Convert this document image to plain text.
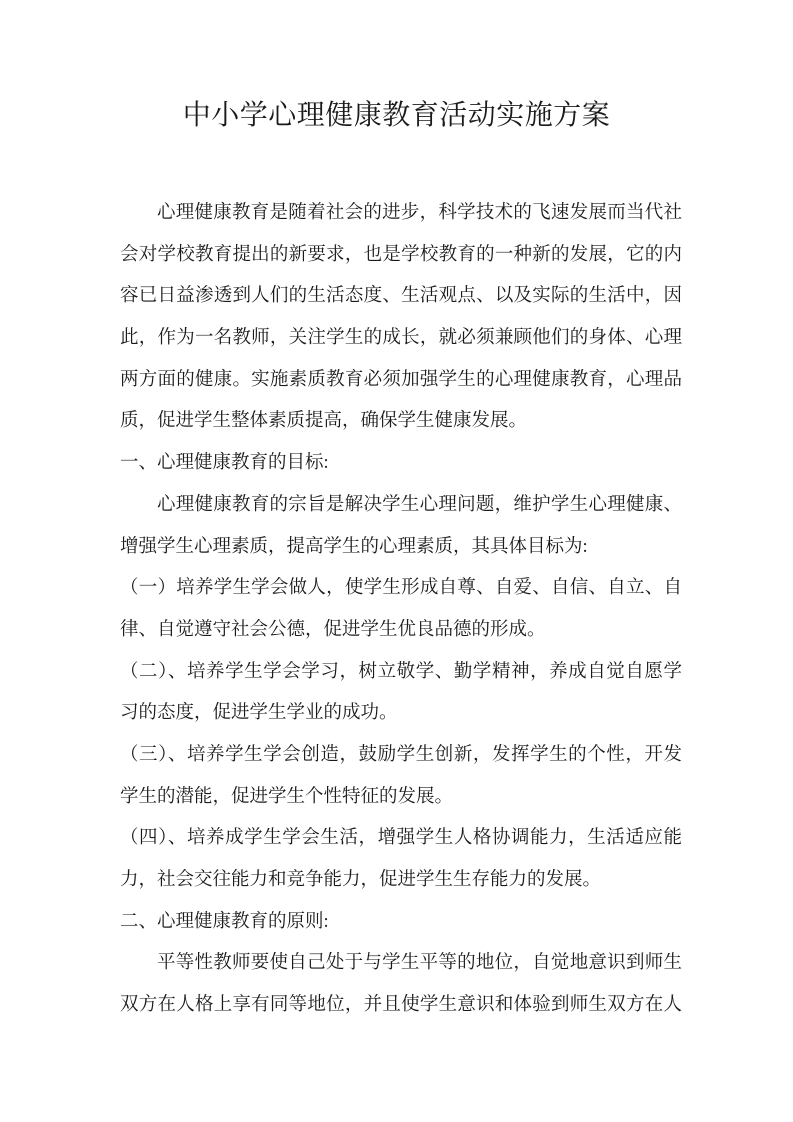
中小学心理健康教育活动实施方案
心理健康教育是随着社会的进步，科学技术的飞速发展而当代社
会对学校教育提出的新要求，也是学校教育的一种新的发展，它的内
容已日益渗透到人们的生活态度、生活观点、以及实际的生活中，因
此，作为一名教师，关注学生的成长，就必须兼顾他们的身体、心理
两方面的健康。实施素质教育必须加强学生的心理健康教育，心理品
质，促进学生整体素质提高，确保学生健康发展。
一、心理健康教育的目标:
心理健康教育的宗旨是解决学生心理问题，维护学生心理健康、
增强学生心理素质，提高学生的心理素质，其具体目标为:
（一）培养学生学会做人，使学生形成自尊、自爱、自信、自立、自
律、自觉遵守社会公德，促进学生优良品德的形成。
（二）、培养学生学会学习，树立敬学、勤学精神，养成自觉自愿学
习的态度，促进学生学业的成功。
（三）、培养学生学会创造，鼓励学生创新，发挥学生的个性，开发
学生的潜能，促进学生个性特征的发展。
（四）、培养成学生学会生活，增强学生人格协调能力，生活适应能
力，社会交往能力和竞争能力，促进学生生存能力的发展。
二、心理健康教育的原则:
平等性教师要使自己处于与学生平等的地位，自觉地意识到师生
双方在人格上享有同等地位，并且使学生意识和体验到师生双方在人
